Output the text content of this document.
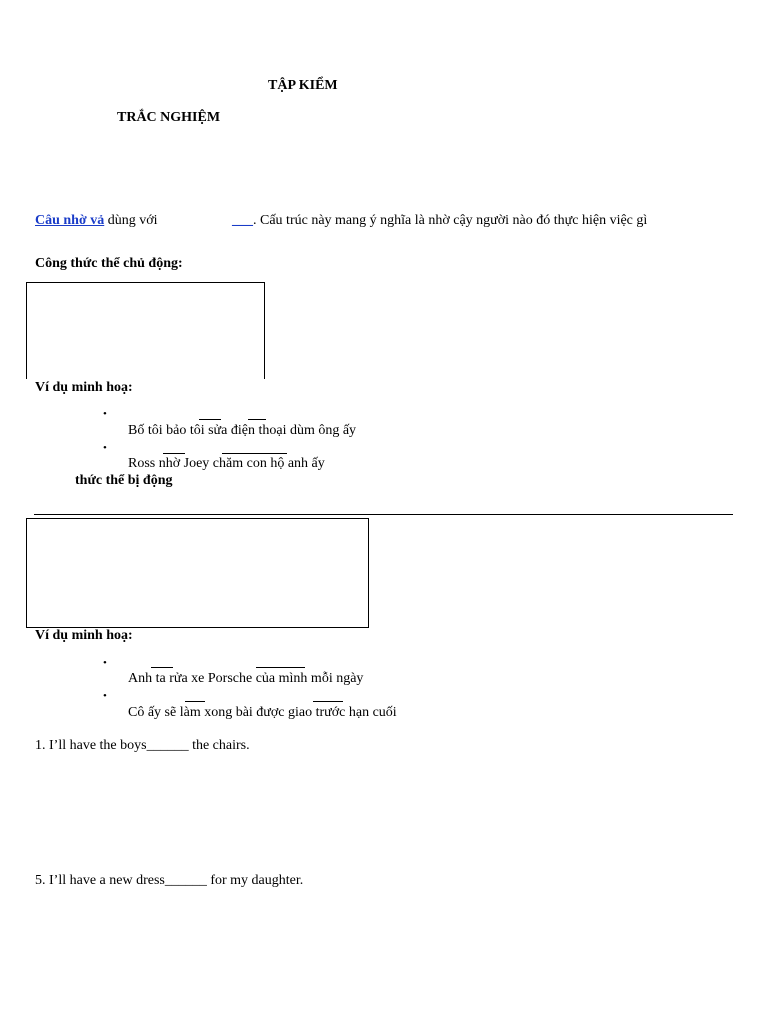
TẬP KIỂM
TRẮC NGHIỆM
Câu nhờ vả dùng với	___. Cấu trúc này mang ý nghĩa là nhờ cậy người nào đó thực hiện việc gì
Công thức thể chủ động:
Ví dụ minh hoạ:
•
Bố tôi bảo tôi sửa điện thoại dùm ông ấy
•
Ross nhờ Joey chăm con hộ anh ấy
thức thể bị động
Ví dụ minh hoạ:
•
Anh ta rửa xe Porsche của mình mỗi ngày
•
Cô ấy sẽ làm xong bài được giao trước hạn cuối
1. I’ll have the boys______ the chairs.
5. I’ll have a new dress______ for my daughter.
